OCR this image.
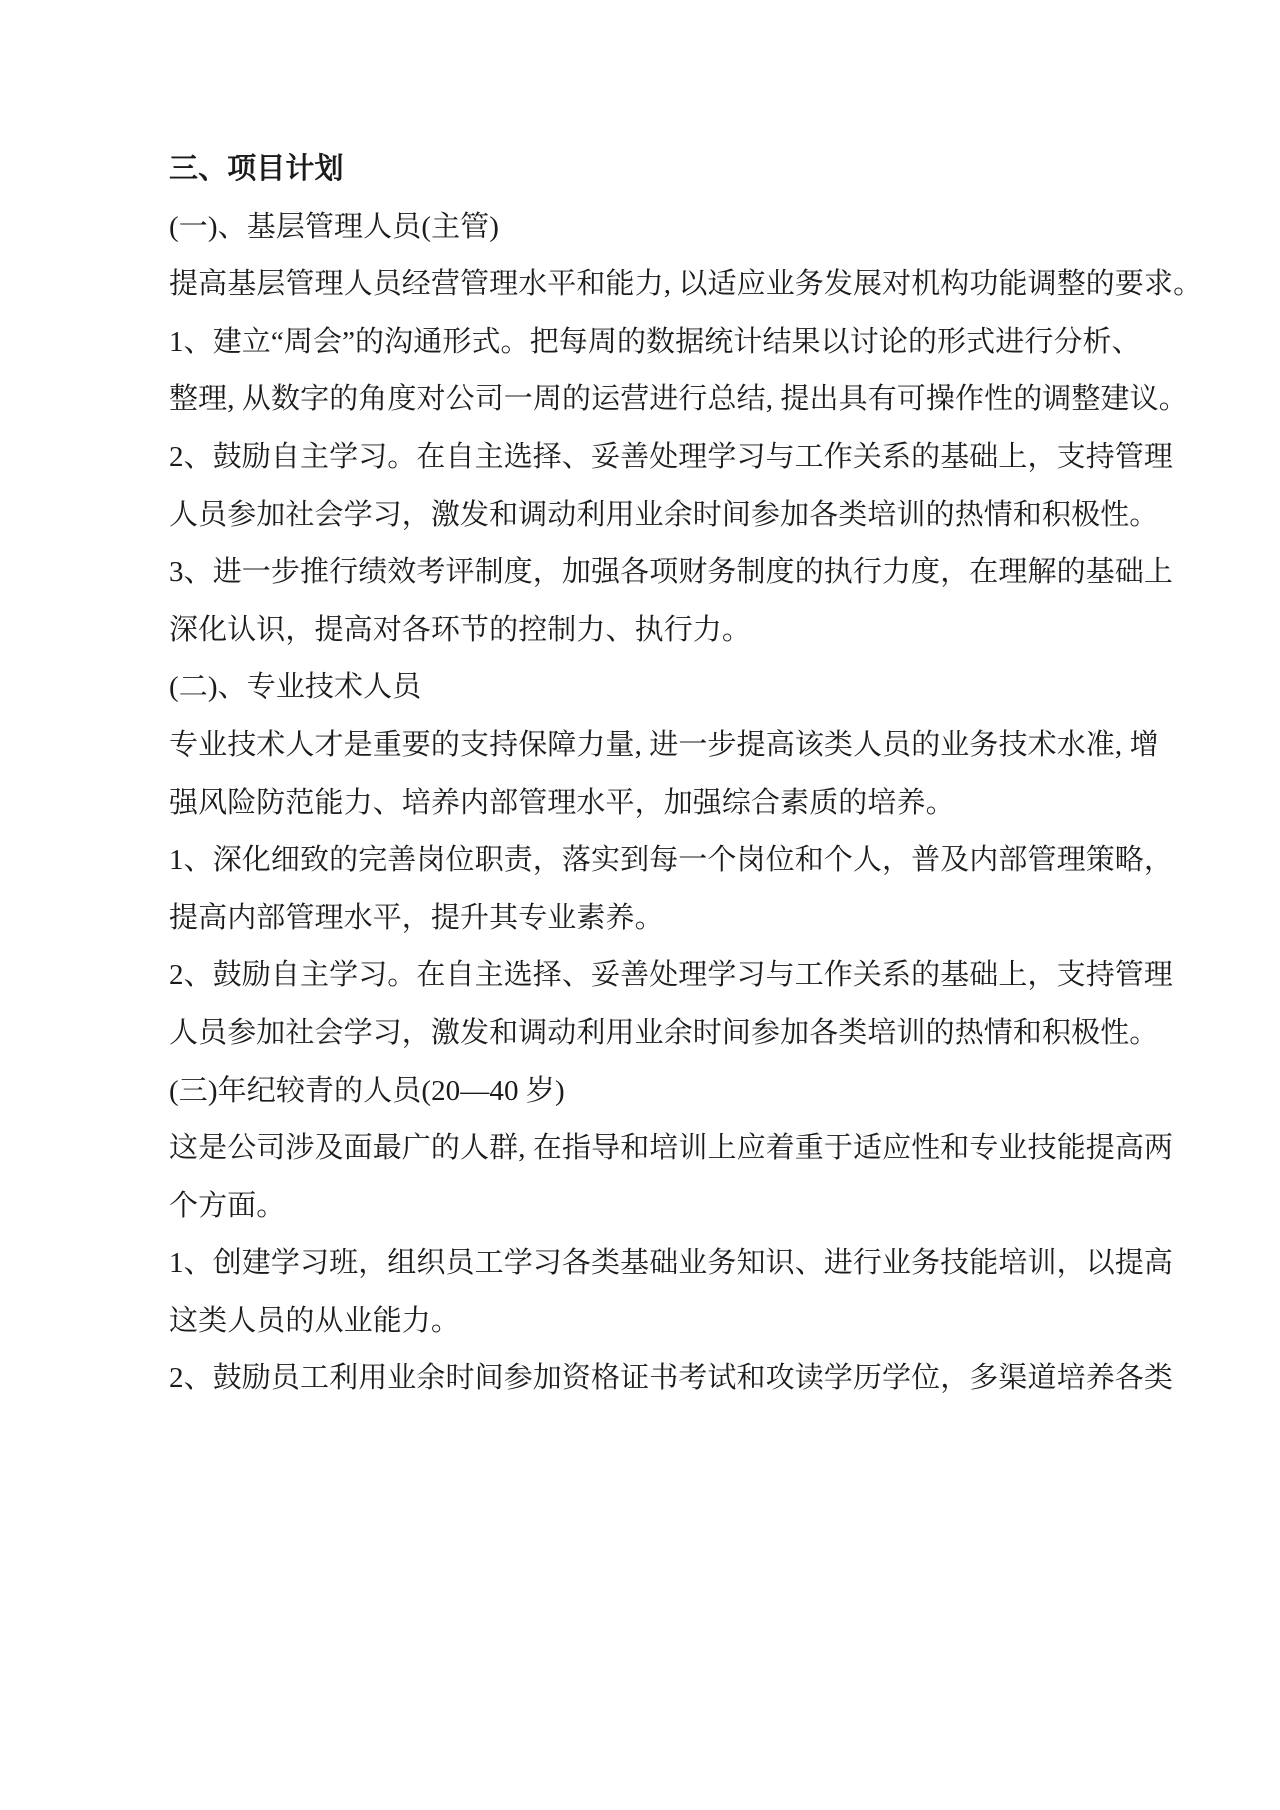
三、项目计划
(一)、基层管理人员(主管)
提高基层管理人员经营管理水平和能力, 以适应业务发展对机构功能调整的要求。
1、建立“周会”的沟通形式。把每周的数据统计结果以讨论的形式进行分析、
整理, 从数字的角度对公司一周的运营进行总结, 提出具有可操作性的调整建议。
2、鼓励自主学习。在自主选择、妥善处理学习与工作关系的基础上，支持管理
人员参加社会学习，激发和调动利用业余时间参加各类培训的热情和积极性。
3、进一步推行绩效考评制度，加强各项财务制度的执行力度，在理解的基础上
深化认识，提高对各环节的控制力、执行力。
(二)、专业技术人员
专业技术人才是重要的支持保障力量, 进一步提高该类人员的业务技术水准, 增
强风险防范能力、培养内部管理水平，加强综合素质的培养。
1、深化细致的完善岗位职责，落实到每一个岗位和个人，普及内部管理策略，
提高内部管理水平，提升其专业素养。
2、鼓励自主学习。在自主选择、妥善处理学习与工作关系的基础上，支持管理
人员参加社会学习，激发和调动利用业余时间参加各类培训的热情和积极性。
(三)年纪较青的人员(20—40 岁)
这是公司涉及面最广的人群, 在指导和培训上应着重于适应性和专业技能提高两
个方面。
1、创建学习班，组织员工学习各类基础业务知识、进行业务技能培训，以提高
这类人员的从业能力。
2、鼓励员工利用业余时间参加资格证书考试和攻读学历学位，多渠道培养各类
